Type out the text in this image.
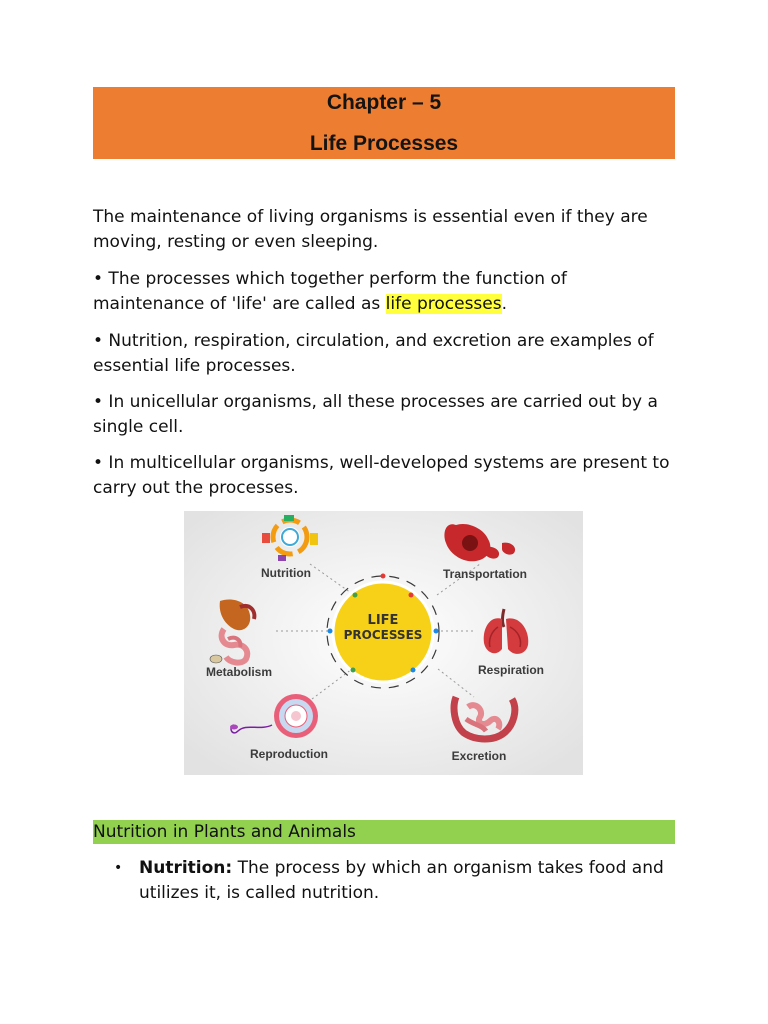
Chapter – 5
Life Processes
The maintenance of living organisms is essential even if they are moving, resting or even sleeping.
• The processes which together perform the function of maintenance of 'life' are called as life processes.
• Nutrition, respiration, circulation, and excretion are examples of essential life processes.
• In unicellular organisms, all these processes are carried out by a single cell.
• In multicellular organisms, well-developed systems are present to carry out the processes.
LIFE
PROCESSES
Nutrition	Transportation
Metabolism	Respiration
Reproduction	Excretion
Nutrition in Plants and Animals
• Nutrition: The process by which an organism takes food and utilizes it, is called nutrition.
